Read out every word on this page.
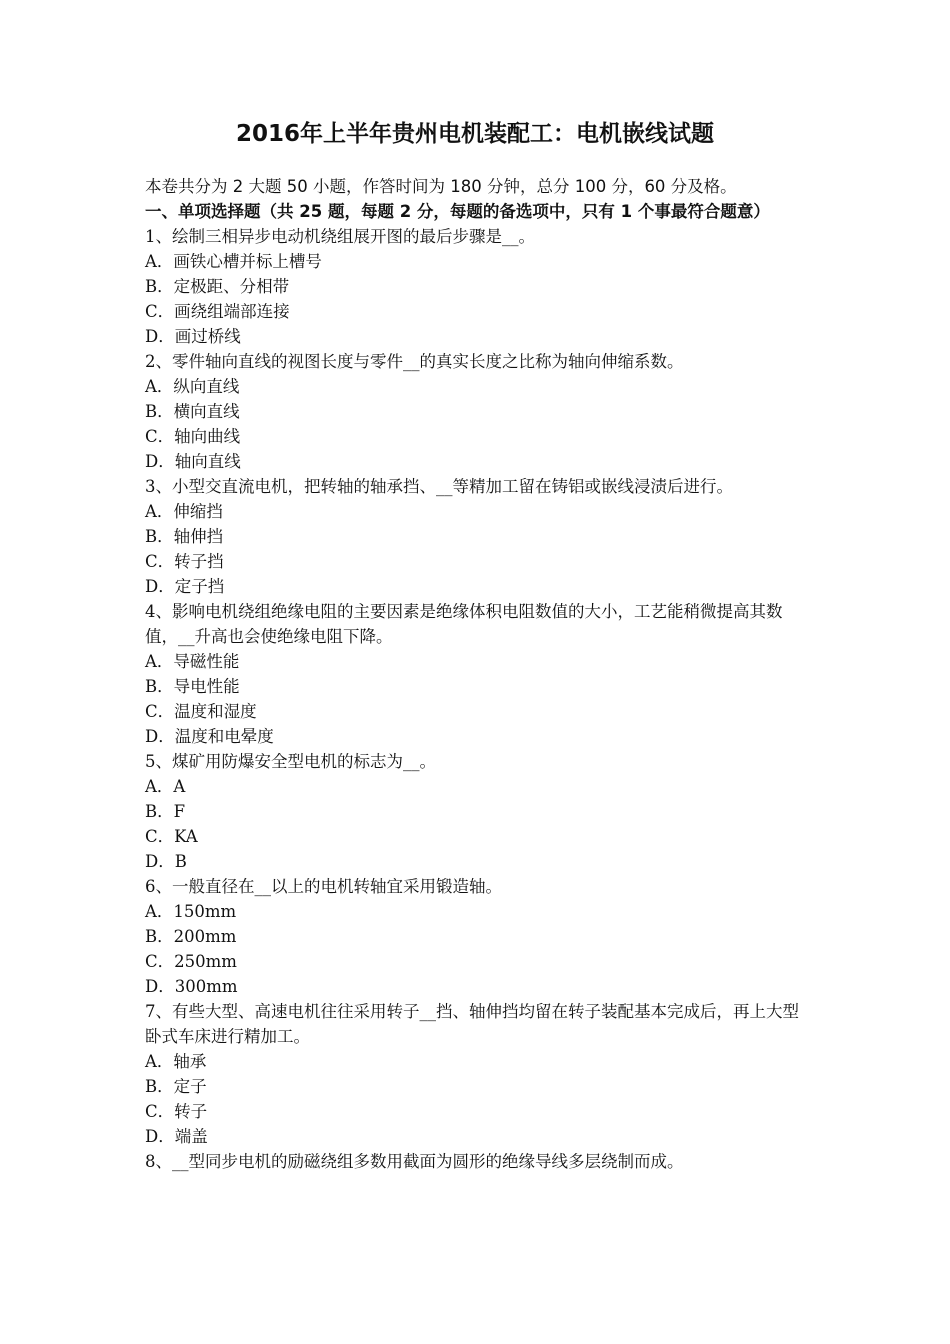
2016年上半年贵州电机装配工：电机嵌线试题

本卷共分为 2 大题 50 小题，作答时间为 180 分钟，总分 100 分，60 分及格。

一、单项选择题（共 25 题，每题 2 分，每题的备选项中，只有 1 个事最符合题意）

1、绘制三相异步电动机绕组展开图的最后步骤是__。

A．画铁心槽并标上槽号

B．定极距、分相带

C．画绕组端部连接

D．画过桥线

2、零件轴向直线的视图长度与零件__的真实长度之比称为轴向伸缩系数。

A．纵向直线

B．横向直线

C．轴向曲线

D．轴向直线

3、小型交直流电机，把转轴的轴承挡、__等精加工留在铸铝或嵌线浸渍后进行。

A．伸缩挡

B．轴伸挡

C．转子挡

D．定子挡

4、影响电机绕组绝缘电阻的主要因素是绝缘体积电阻数值的大小，工艺能稍微提高其数值，__升高也会使绝缘电阻下降。

A．导磁性能

B．导电性能

C．温度和湿度

D．温度和电晕度

5、煤矿用防爆安全型电机的标志为__。

A．A

B．F

C．KA

D．B

6、一般直径在__以上的电机转轴宜采用锻造轴。

A．150mm

B．200mm

C．250mm

D．300mm

7、有些大型、高速电机往往采用转子__挡、轴伸挡均留在转子装配基本完成后，再上大型卧式车床进行精加工。

A．轴承

B．定子

C．转子

D．端盖

8、__型同步电机的励磁绕组多数用截面为圆形的绝缘导线多层绕制而成。
